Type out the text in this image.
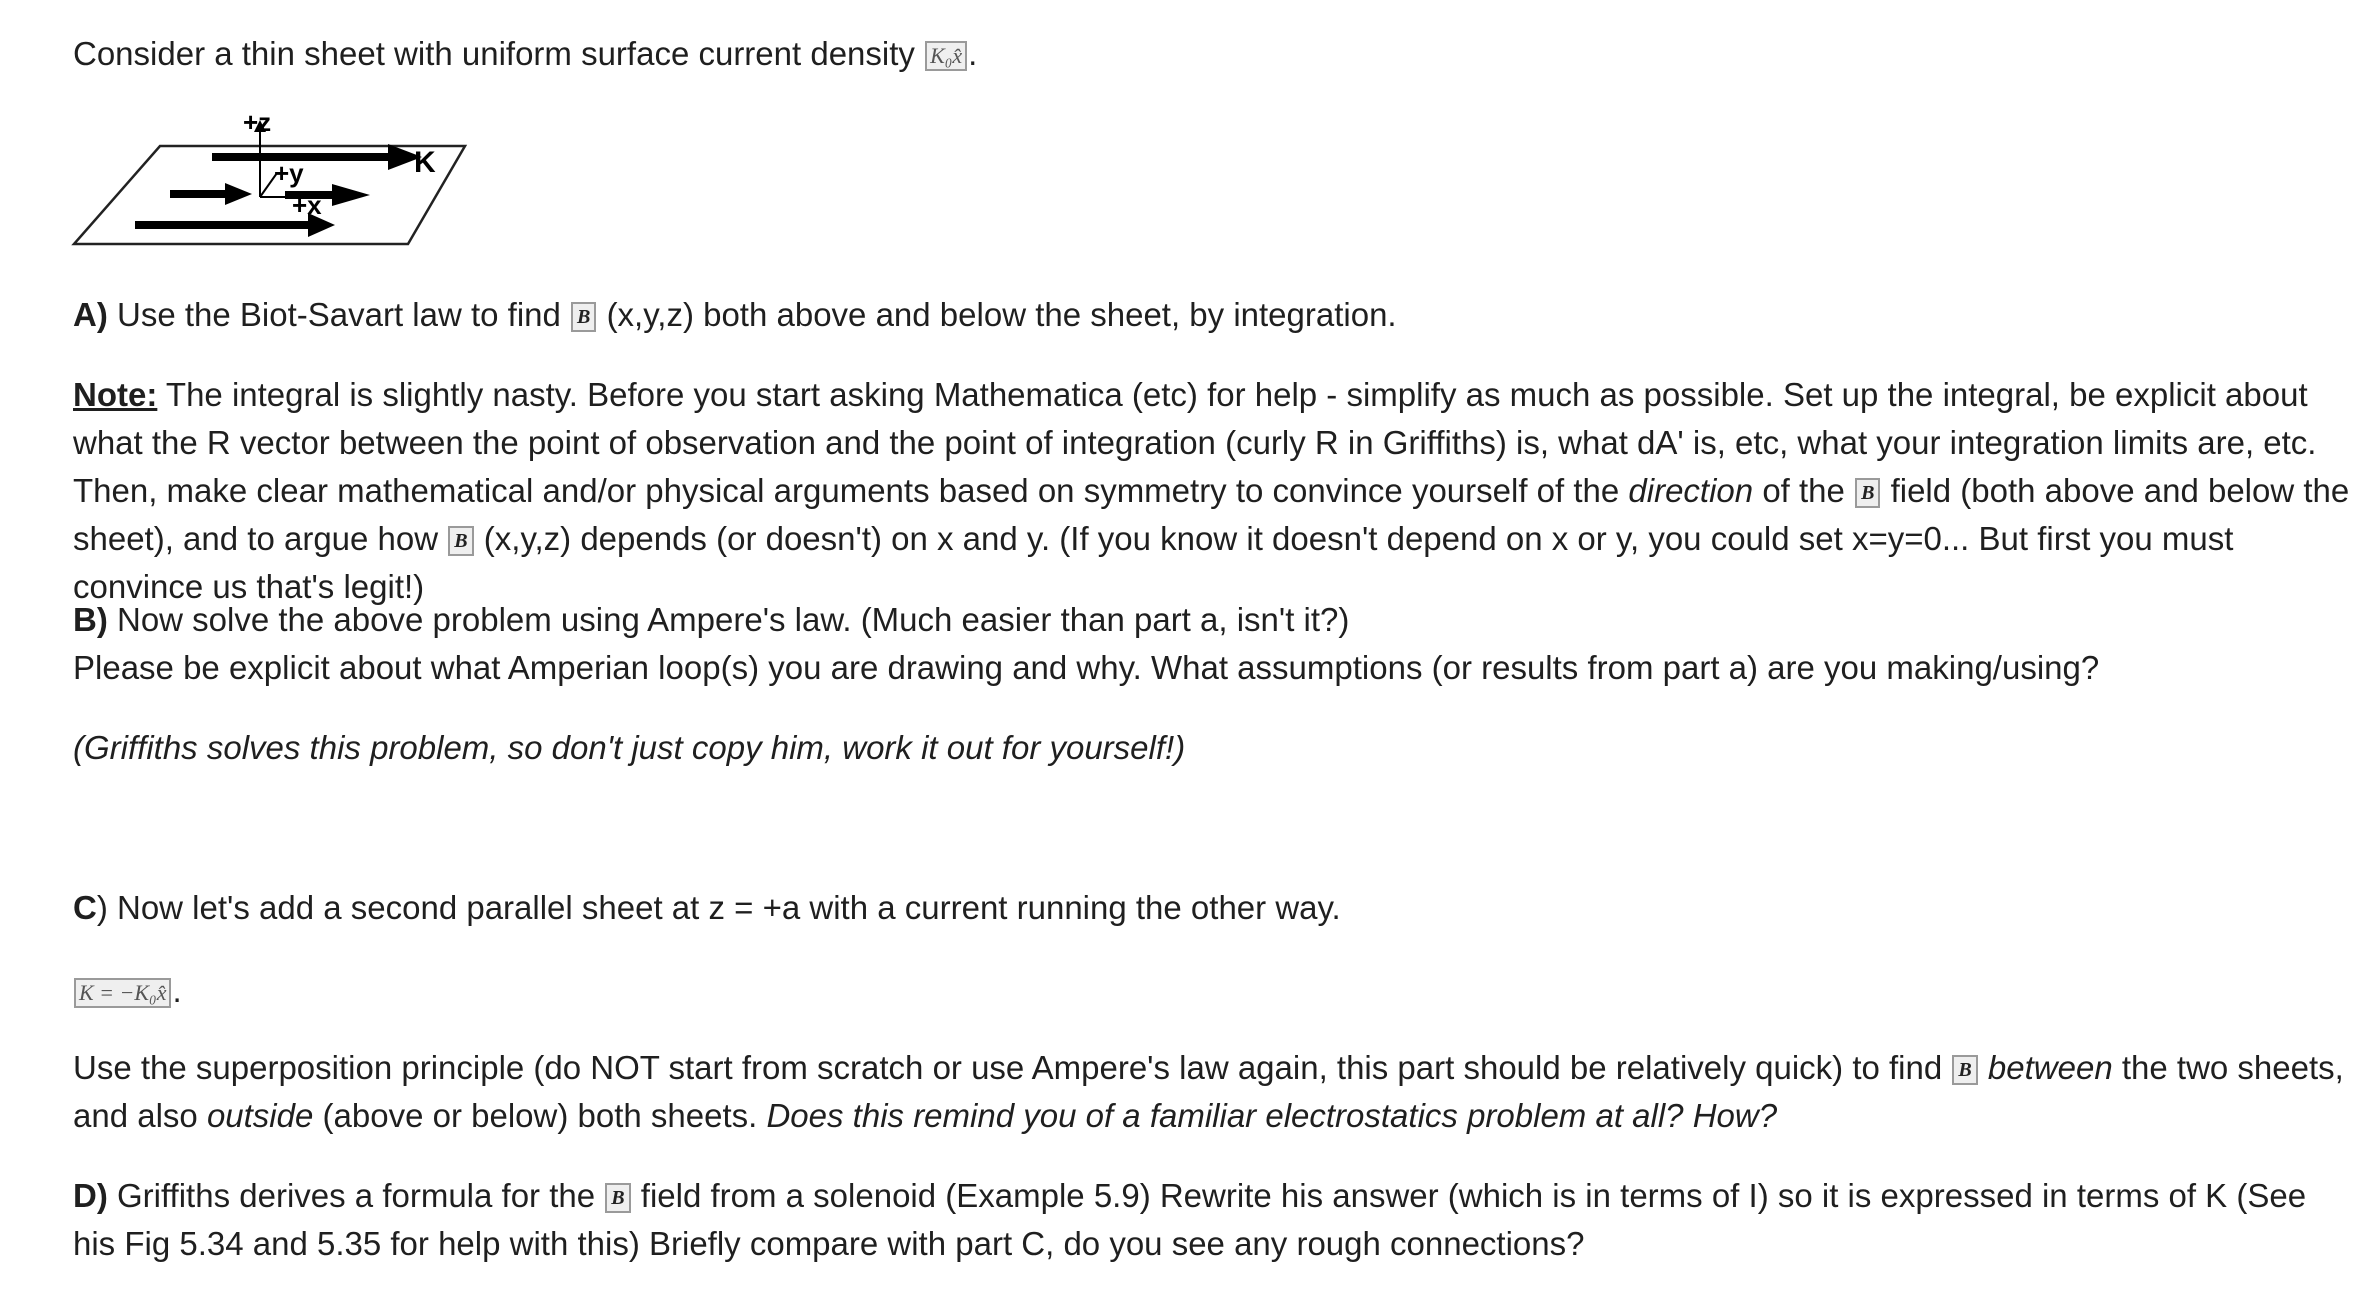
Consider a thin sheet with uniform surface current density K₀x̂ .
+z
+y
+x
K
A) Use the Biot-Savart law to find B (x,y,z) both above and below the sheet, by integration.
Note: The integral is slightly nasty. Before you start asking Mathematica (etc) for help - simplify as much as possible. Set up the integral, be explicit about what the R vector between the point of observation and the point of integration (curly R in Griffiths) is, what dA' is, etc, what your integration limits are, etc. Then, make clear mathematical and/or physical arguments based on symmetry to convince yourself of the direction of the B field (both above and below the sheet), and to argue how B (x,y,z) depends (or doesn't) on x and y. (If you know it doesn't depend on x or y, you could set x=y=0... But first you must convince us that's legit!)
B) Now solve the above problem using Ampere's law. (Much easier than part a, isn't it?)
Please be explicit about what Amperian loop(s) you are drawing and why. What assumptions (or results from part a) are you making/using?
(Griffiths solves this problem, so don't just copy him, work it out for yourself!)
C) Now let's add a second parallel sheet at z = +a with a current running the other way.
K = −K₀x̂ .
Use the superposition principle (do NOT start from scratch or use Ampere's law again, this part should be relatively quick) to find B between the two sheets, and also outside (above or below) both sheets. Does this remind you of a familiar electrostatics problem at all? How?
D) Griffiths derives a formula for the B field from a solenoid (Example 5.9) Rewrite his answer (which is in terms of I) so it is expressed in terms of K (See his Fig 5.34 and 5.35 for help with this) Briefly compare with part C, do you see any rough connections?
